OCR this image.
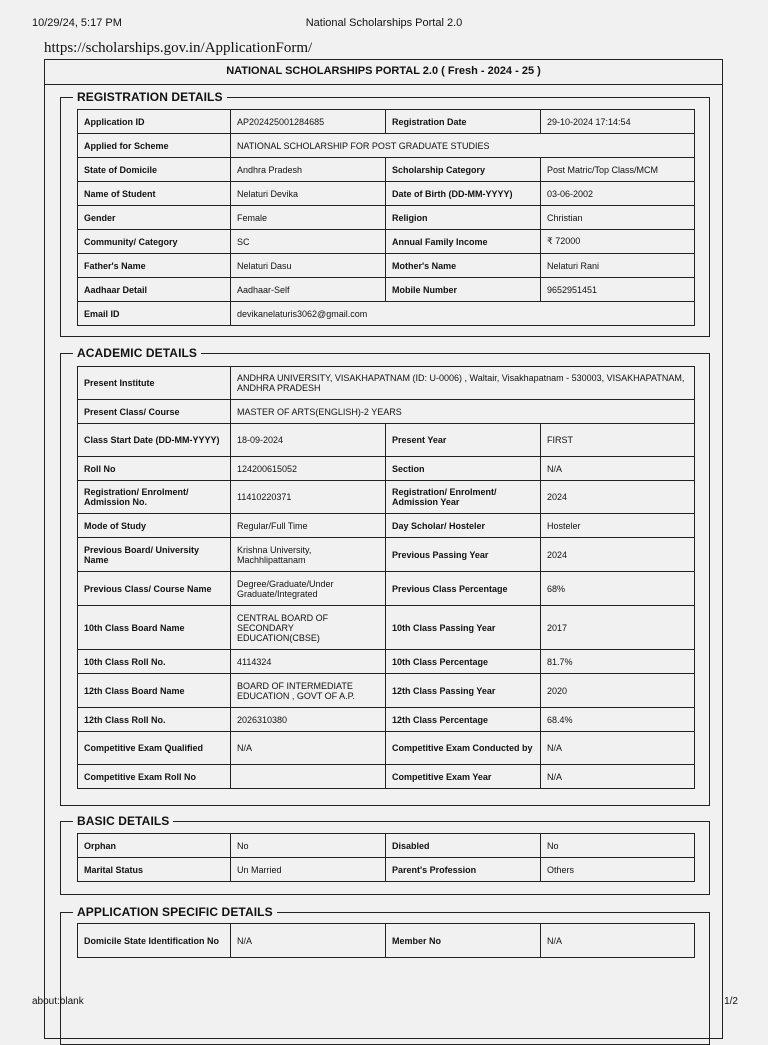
10/29/24, 5:17 PM	National Scholarships Portal 2.0
https://scholarships.gov.in/ApplicationForm/
NATIONAL SCHOLARSHIPS PORTAL 2.0 ( Fresh - 2024 - 25 )
REGISTRATION DETAILS
Application ID	AP202425001284685	Registration Date	29-10-2024 17:14:54
Applied for Scheme	NATIONAL SCHOLARSHIP FOR POST GRADUATE STUDIES		
State of Domicile	Andhra Pradesh	Scholarship Category	Post Matric/Top Class/MCM
Name of Student	Nelaturi Devika	Date of Birth (DD-MM-YYYY)	03-06-2002
Gender	Female	Religion	Christian
Community/ Category	SC	Annual Family Income	₹ 72000
Father's Name	Nelaturi Dasu	Mother's Name	Nelaturi Rani
Aadhaar Detail	Aadhaar-Self	Mobile Number	9652951451
Email ID	devikanelaturis3062@gmail.com		
ACADEMIC DETAILS
Present Institute	ANDHRA UNIVERSITY, VISAKHAPATNAM (ID: U-0006) , Waltair, Visakhapatnam - 530003, VISAKHAPATNAM, ANDHRA PRADESH		
Present Class/ Course	MASTER OF ARTS(ENGLISH)-2 YEARS		
Class Start Date (DD-MM-YYYY)	18-09-2024	Present Year	FIRST
Roll No	124200615052	Section	N/A
Registration/ Enrolment/ Admission No.	11410220371	Registration/ Enrolment/ Admission Year	2024
Mode of Study	Regular/Full Time	Day Scholar/ Hosteler	Hosteler
Previous Board/ University Name	Krishna University, Machhlipattanam	Previous Passing Year	2024
Previous Class/ Course Name	Degree/Graduate/Under Graduate/Integrated	Previous Class Percentage	68%
10th Class Board Name	CENTRAL BOARD OF SECONDARY EDUCATION(CBSE)	10th Class Passing Year	2017
10th Class Roll No.	4114324	10th Class Percentage	81.7%
12th Class Board Name	BOARD OF INTERMEDIATE EDUCATION , GOVT OF A.P.	12th Class Passing Year	2020
12th Class Roll No.	2026310380	12th Class Percentage	68.4%
Competitive Exam Qualified	N/A	Competitive Exam Conducted by	N/A
Competitive Exam Roll No		Competitive Exam Year	N/A
BASIC DETAILS
Orphan	No	Disabled	No
Marital Status	Un Married	Parent's Profession	Others
APPLICATION SPECIFIC DETAILS
Domicile State Identification No	N/A	Member No	N/A
about:blank	1/2
